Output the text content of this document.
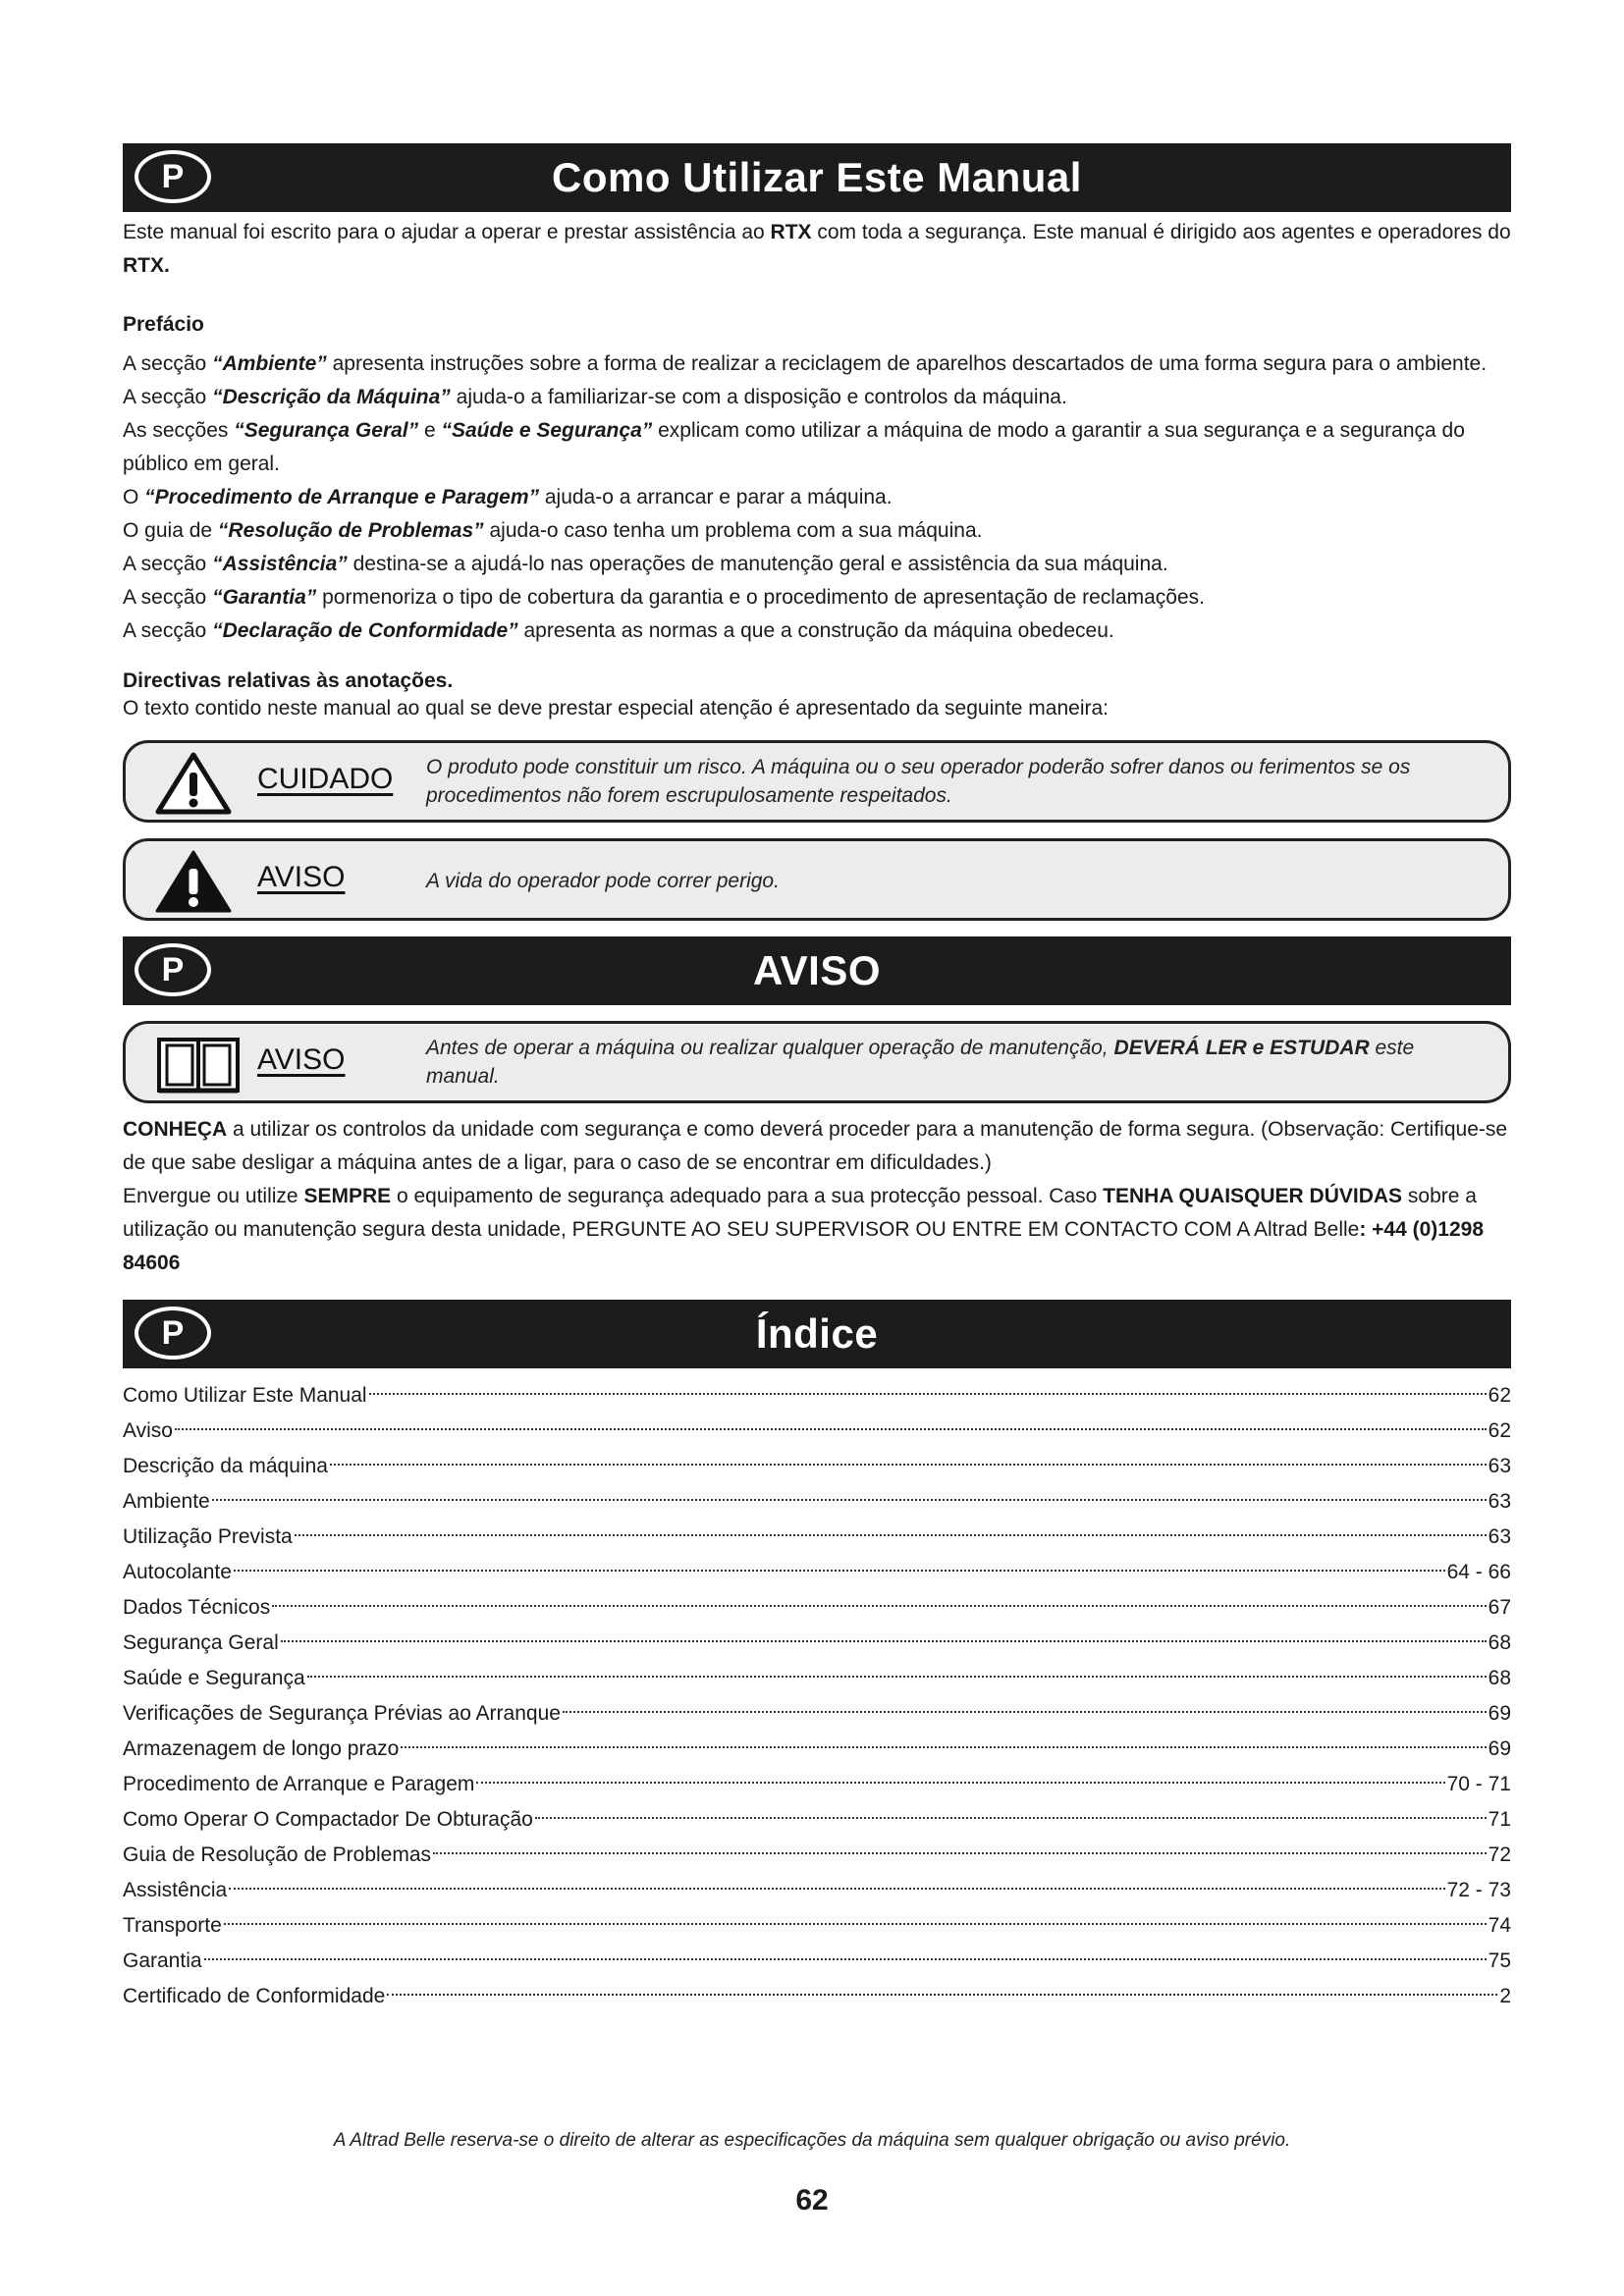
P	Como Utilizar Este Manual

Este manual foi escrito para o ajudar a operar e prestar assistência ao RTX com toda a segurança. Este manual é dirigido aos agentes e operadores do RTX.

Prefácio

A secção “Ambiente” apresenta instruções sobre a forma de realizar a reciclagem de aparelhos descartados de uma forma segura para o ambiente.

A secção “Descrição da Máquina” ajuda-o a familiarizar-se com a disposição e controlos da máquina.

As secções “Segurança Geral” e “Saúde e Segurança” explicam como utilizar a máquina de modo a garantir a sua segurança e a segurança do público em geral.

O “Procedimento de Arranque e Paragem” ajuda-o a arrancar e parar a máquina.

O guia de “Resolução de Problemas” ajuda-o caso tenha um problema com a sua máquina.

A secção “Assistência” destina-se a ajudá-lo nas operações de manutenção geral e assistência da sua máquina.

A secção “Garantia” pormenoriza o tipo de cobertura da garantia e o procedimento de apresentação de reclamações.

A secção “Declaração de Conformidade” apresenta as normas a que a construção da máquina obedeceu.

Directivas relativas às anotações.

O texto contido neste manual ao qual se deve prestar especial atenção é apresentado da seguinte maneira:

CUIDADO O produto pode constituir um risco. A máquina ou o seu operador poderão sofrer danos ou ferimentos se os procedimentos não forem escrupulosamente respeitados.
AVISO	A vida do operador pode correr perigo.
P	AVISO
AVISO	Antes de operar a máquina ou realizar qualquer operação de manutenção, DEVERÁ LER e ESTUDAR este manual.

CONHEÇA a utilizar os controlos da unidade com segurança e como deverá proceder para a manutenção de forma segura. (Observação: Certifique-se de que sabe desligar a máquina antes de a ligar, para o caso de se encontrar em dificuldades.)

Envergue ou utilize SEMPRE o equipamento de segurança adequado para a sua protecção pessoal. Caso TENHA QUAISQUER DÚVIDAS sobre a utilização ou manutenção segura desta unidade, PERGUNTE AO SEU SUPERVISOR OU ENTRE EM CONTACTO COM A Altrad Belle: +44 (0)1298 84606

P	Índice
Como Utilizar Este Manual	62
Aviso	62
Descrição da máquina	63
Ambiente	63
Utilização Prevista	63
Autocolante	64 - 66
Dados Técnicos	67
Segurança Geral	68
Saúde e Segurança	68
Verificações de Segurança Prévias ao Arranque	69
Armazenagem de longo prazo	69
Procedimento de Arranque e Paragem	70 - 71
Como Operar O Compactador De Obturação	71
Guia de Resolução de Problemas	72
Assistência	72 - 73
Transporte	74
Garantia	75
Certificado de Conformidade	2
A Altrad Belle reserva-se o direito de alterar as especificações da máquina sem qualquer obrigação ou aviso prévio.
62
